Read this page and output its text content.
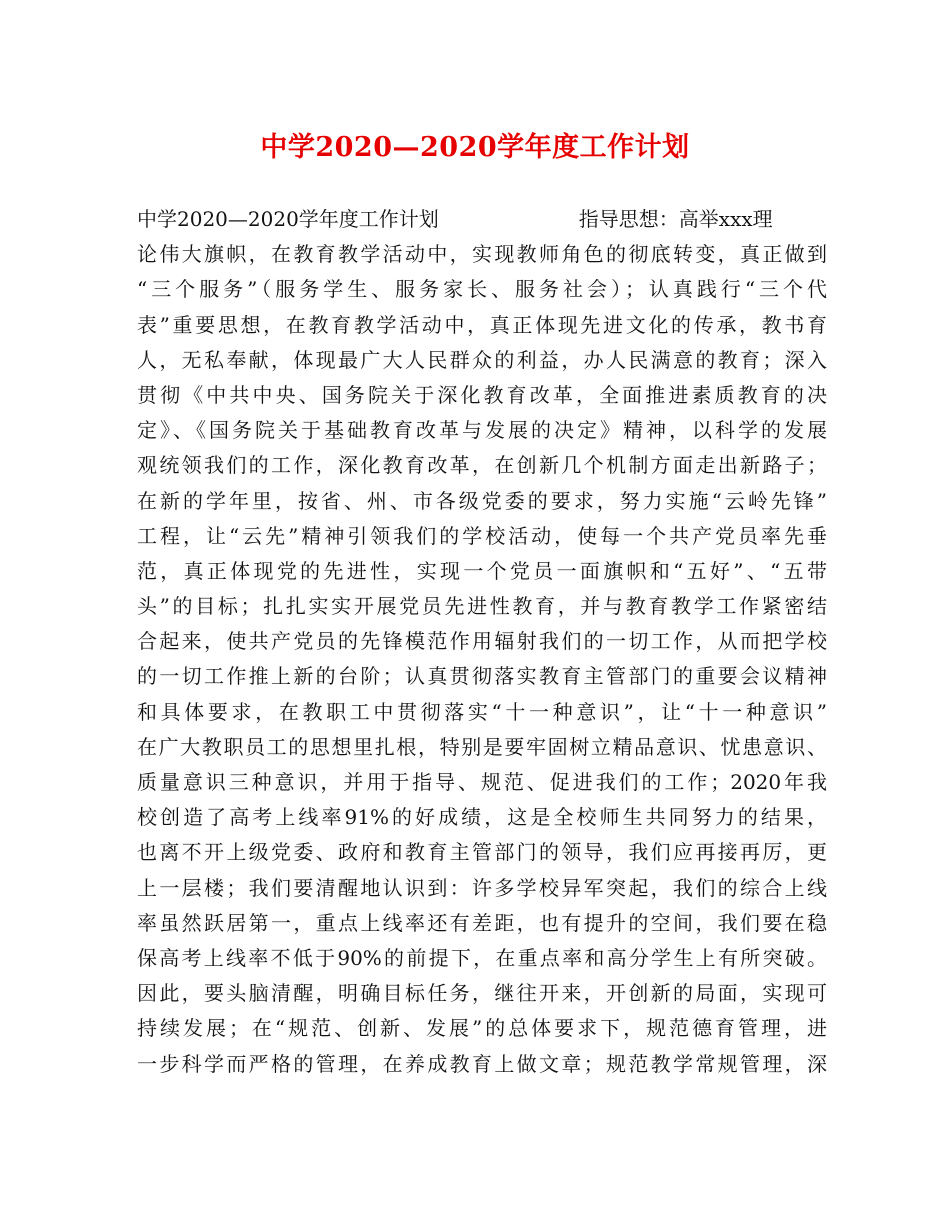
中学2020—2020学年度工作计划
中学2020—2020学年度工作计划	指导思想：高举xxx理
论伟大旗帜，在教育教学活动中，实现教师角色的彻底转变，真正做到
“三个服务”（服务学生、服务家长、服务社会）；认真践行“三个代
表”重要思想，在教育教学活动中，真正体现先进文化的传承，教书育
人，无私奉献，体现最广大人民群众的利益，办人民满意的教育；深入
贯彻《中共中央、国务院关于深化教育改革，全面推进素质教育的决
定》、《国务院关于基础教育改革与发展的决定》精神，以科学的发展
观统领我们的工作，深化教育改革，在创新几个机制方面走出新路子；
在新的学年里，按省、州、市各级党委的要求，努力实施“云岭先锋”
工程，让“云先”精神引领我们的学校活动，使每一个共产党员率先垂
范，真正体现党的先进性，实现一个党员一面旗帜和“五好”、“五带
头”的目标；扎扎实实开展党员先进性教育，并与教育教学工作紧密结
合起来，使共产党员的先锋模范作用辐射我们的一切工作，从而把学校
的一切工作推上新的台阶；认真贯彻落实教育主管部门的重要会议精神
和具体要求，在教职工中贯彻落实“十一种意识”，让“十一种意识”
在广大教职员工的思想里扎根，特别是要牢固树立精品意识、忧患意识、
质量意识三种意识，并用于指导、规范、促进我们的工作；2020年我
校创造了高考上线率91%的好成绩，这是全校师生共同努力的结果，
也离不开上级党委、政府和教育主管部门的领导，我们应再接再厉，更
上一层楼；我们要清醒地认识到：许多学校异军突起，我们的综合上线
率虽然跃居第一，重点上线率还有差距，也有提升的空间，我们要在稳
保高考上线率不低于90%的前提下，在重点率和高分学生上有所突破。
因此，要头脑清醒，明确目标任务，继往开来，开创新的局面，实现可
持续发展；在“规范、创新、发展”的总体要求下，规范德育管理，进
一步科学而严格的管理，在养成教育上做文章；规范教学常规管理，深
